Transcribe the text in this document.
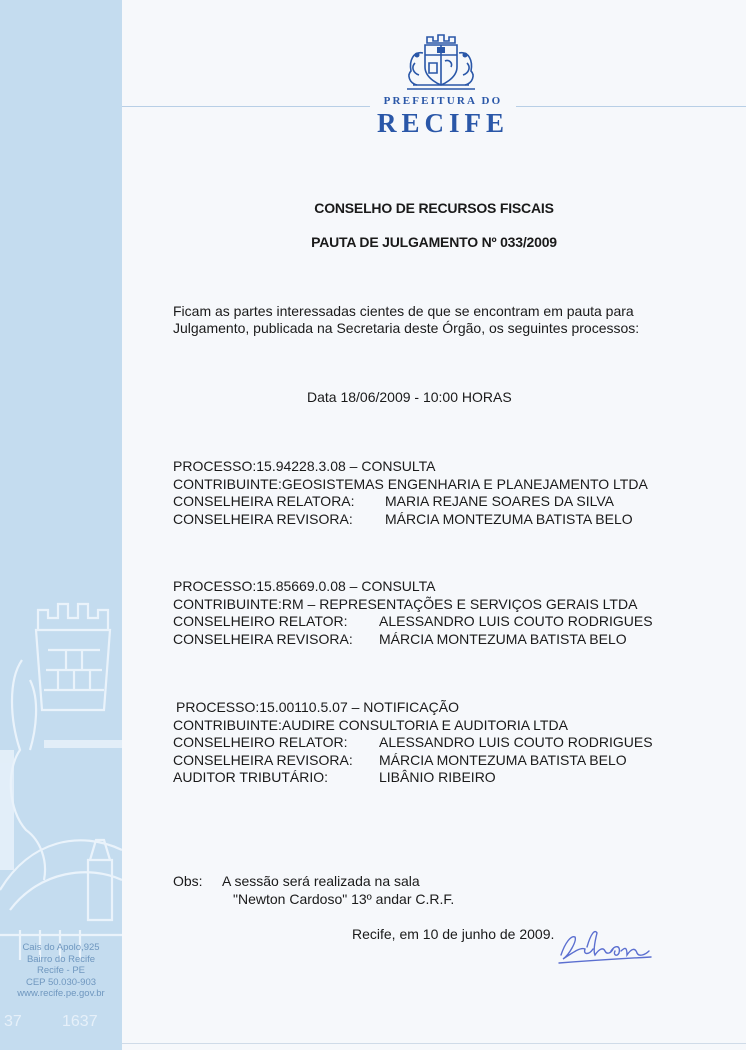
37	1637
Cais do Apolo,925
Bairro do Recife
Recife - PE
CEP 50.030-903
www.recife.pe.gov.br
PREFEITURA DO
RECIFE
CONSELHO DE RECURSOS FISCAIS
PAUTA DE JULGAMENTO Nº 033/2009
Ficam as partes interessadas cientes de que se encontram em pauta para
Julgamento, publicada na Secretaria deste Órgão, os seguintes processos:
Data 18/06/2009 - 10:00 HORAS
PROCESSO:15.94228.3.08 – CONSULTA
CONTRIBUINTE:GEOSISTEMAS ENGENHARIA E PLANEJAMENTO LTDA
CONSELHEIRA RELATORA: MARIA REJANE SOARES DA SILVA
CONSELHEIRA REVISORA: MÁRCIA MONTEZUMA BATISTA BELO
PROCESSO:15.85669.0.08 – CONSULTA
CONTRIBUINTE:RM – REPRESENTAÇÕES E SERVIÇOS GERAIS LTDA
CONSELHEIRO RELATOR: ALESSANDRO LUIS COUTO RODRIGUES
CONSELHEIRA REVISORA: MÁRCIA MONTEZUMA BATISTA BELO
PROCESSO:15.00110.5.07 – NOTIFICAÇÃO
CONTRIBUINTE:AUDIRE CONSULTORIA E AUDITORIA LTDA
CONSELHEIRO RELATOR: ALESSANDRO LUIS COUTO RODRIGUES
CONSELHEIRA REVISORA: MÁRCIA MONTEZUMA BATISTA BELO
AUDITOR TRIBUTÁRIO:	LIBÂNIO RIBEIRO
Obs: A sessão será realizada na sala
"Newton Cardoso" 13º andar C.R.F.
Recife, em 10 de junho de 2009.
